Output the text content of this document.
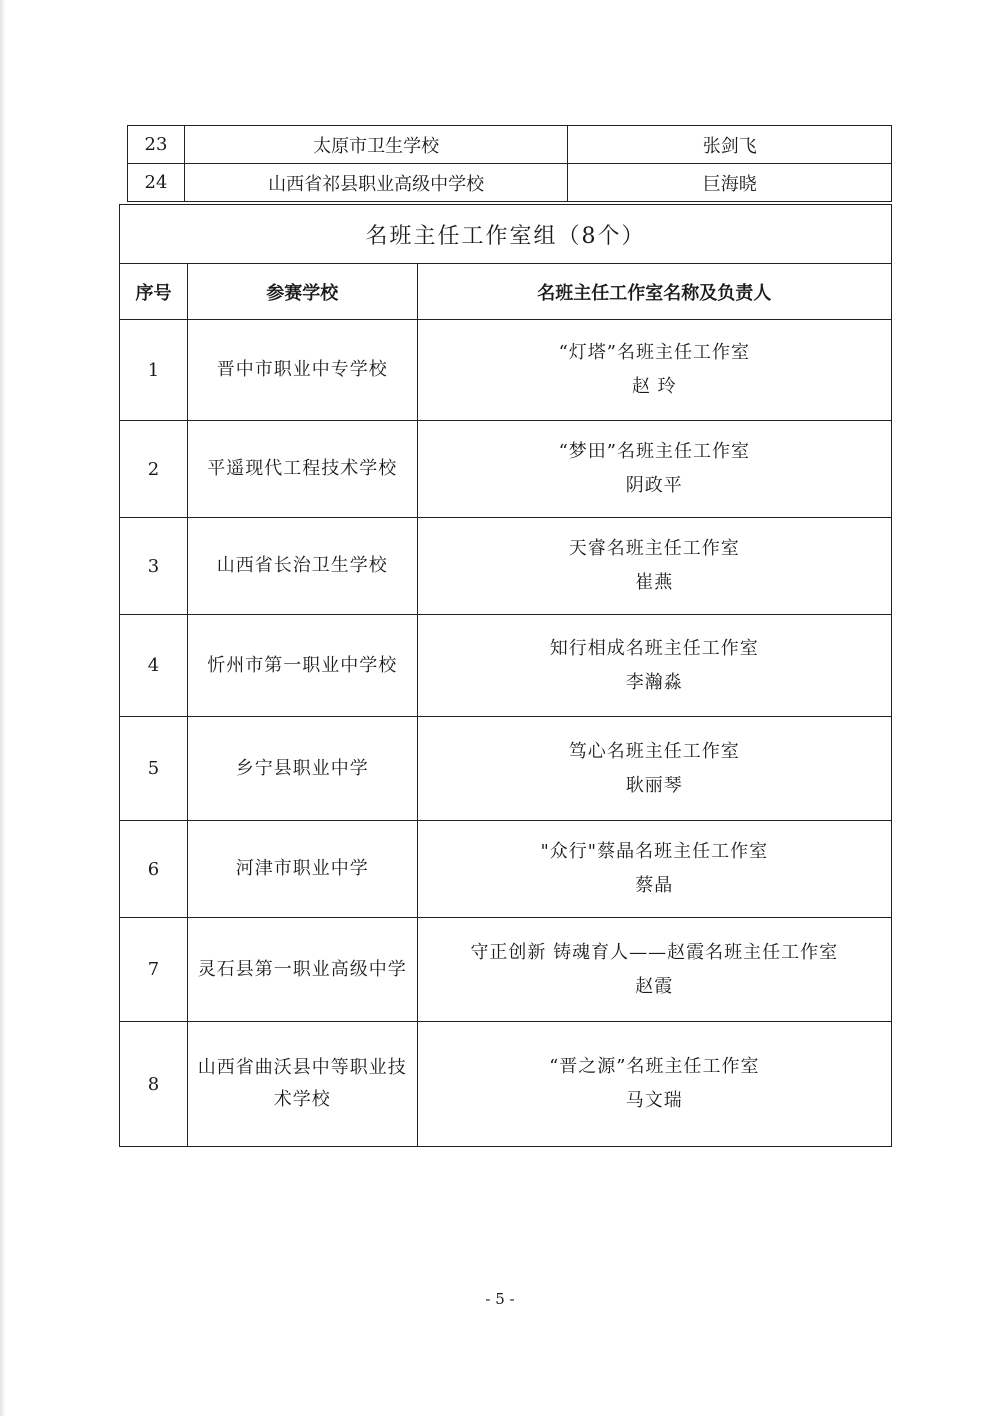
23	太原市卫生学校	张剑飞
24	山西省祁县职业高级中学校	巨海晓
名班主任工作室组（8个）		
序号	参赛学校	名班主任工作室名称及负责人
1	晋中市职业中专学校	“灯塔”名班主任工作室
赵 玲

2	平遥现代工程技术学校	“梦田”名班主任工作室
阴政平

3	山西省长治卫生学校	天睿名班主任工作室
崔燕

4	忻州市第一职业中学校	知行相成名班主任工作室
李瀚淼

5	乡宁县职业中学	笃心名班主任工作室
耿丽琴

6	河津市职业中学	"众行"蔡晶名班主任工作室
蔡晶

7	灵石县第一职业高级中学	守正创新 铸魂育人——赵霞名班主任工作室
赵霞

8	山西省曲沃县中等职业技术学校	“晋之源”名班主任工作室
马文瑞
- 5 -
